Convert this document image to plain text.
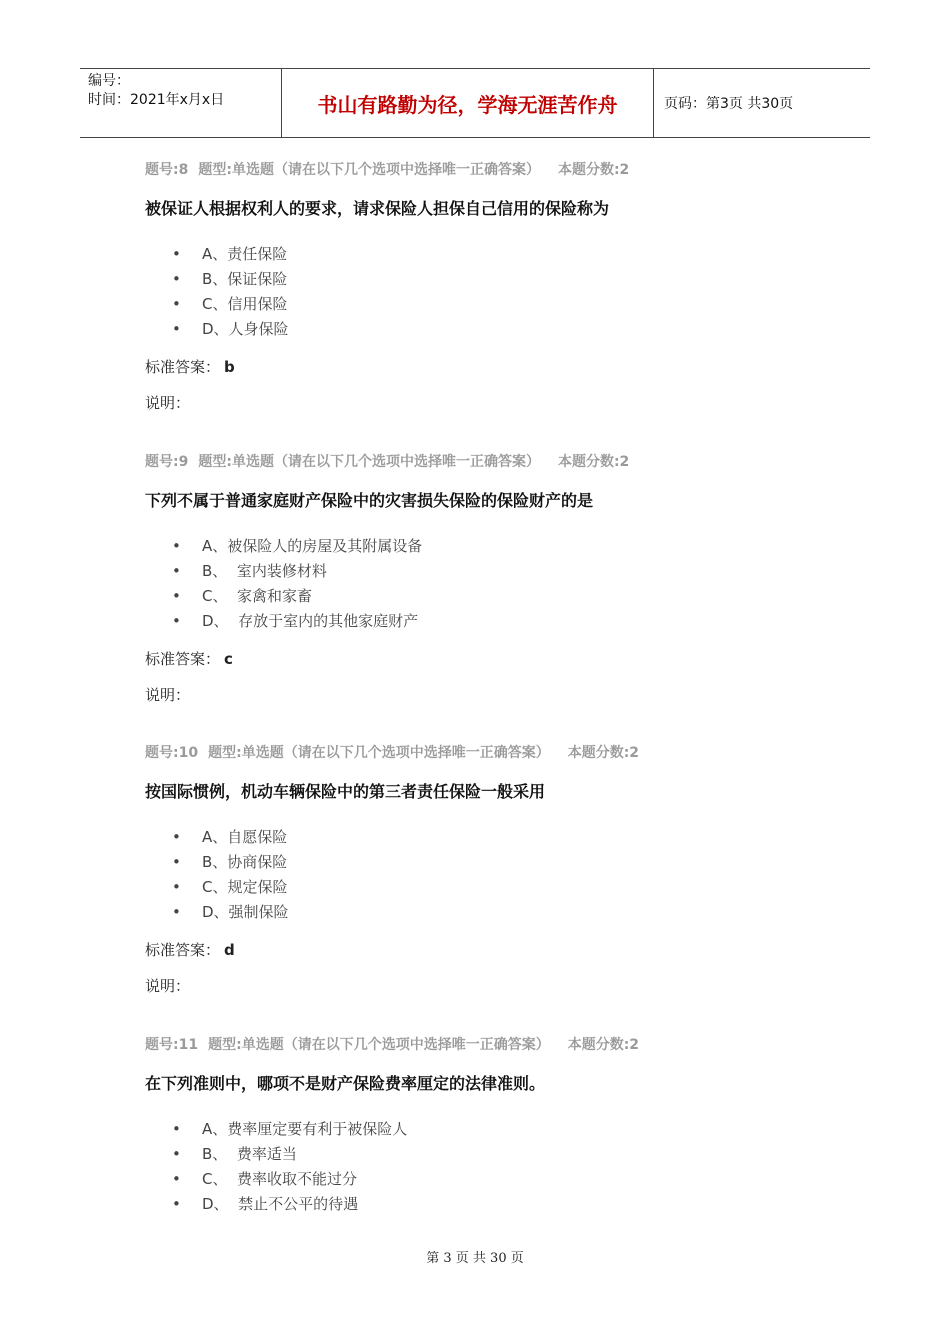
编号：
时间：2021年x月x日	书山有路勤为径，学海无涯苦作舟	页码：第3页 共30页
题号:8 题型:单选题（请在以下几个选项中选择唯一正确答案） 本题分数:2
被保证人根据权利人的要求，请求保险人担保自己信用的保险称为
• A、责任保险
• B、保证保险
• C、信用保险
• D、人身保险
标准答案： b
说明：
题号:9 题型:单选题（请在以下几个选项中选择唯一正确答案） 本题分数:2
下列不属于普通家庭财产保险中的灾害损失保险的保险财产的是
• A、被保险人的房屋及其附属设备
• B、  室内装修材料
• C、  家禽和家畜
• D、  存放于室内的其他家庭财产
标准答案： c
说明：
题号:10 题型:单选题（请在以下几个选项中选择唯一正确答案） 本题分数:2
按国际惯例，机动车辆保险中的第三者责任保险一般采用
• A、自愿保险
• B、协商保险
• C、规定保险
• D、强制保险
标准答案： d
说明：
题号:11 题型:单选题（请在以下几个选项中选择唯一正确答案） 本题分数:2
在下列准则中，哪项不是财产保险费率厘定的法律准则。
• A、费率厘定要有利于被保险人
• B、  费率适当
• C、  费率收取不能过分
• D、  禁止不公平的待遇
第 3 页 共 30 页
